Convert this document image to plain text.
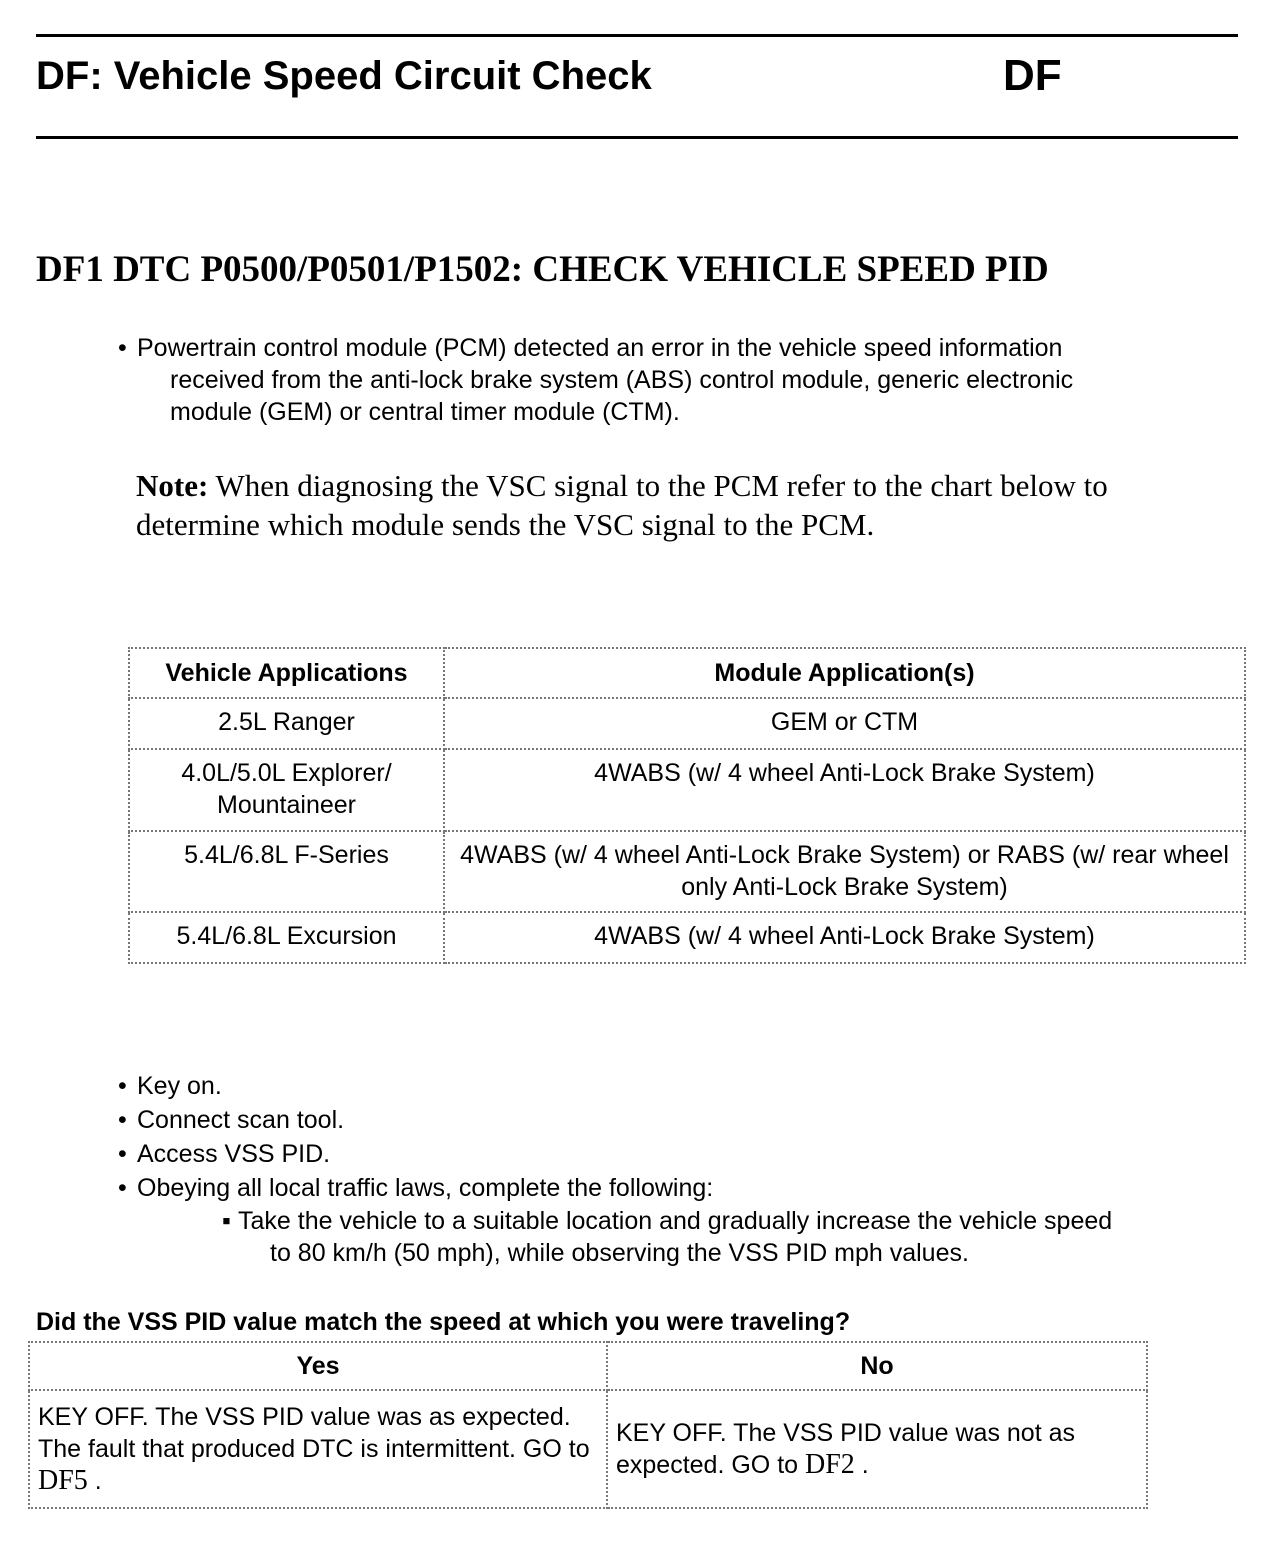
DF: Vehicle Speed Circuit Check	DF
DF1 DTC P0500/P0501/P1502: CHECK VEHICLE SPEED PID
• Powertrain control module (PCM) detected an error in the vehicle speed information
received from the anti-lock brake system (ABS) control module, generic electronic
module (GEM) or central timer module (CTM).
Note: When diagnosing the VSC signal to the PCM refer to the chart below to determine which module sends the VSC signal to the PCM.
Vehicle Applications	Module Application(s)
2.5L Ranger	GEM or CTM

4.0L/5.0L Explorer/ Mountaineer	4WABS (w/ 4 wheel Anti-Lock Brake System)
5.4L/6.8L F-Series	4WABS (w/ 4 wheel Anti-Lock Brake System) or RABS (w/ rear wheel only Anti-Lock Brake System)
5.4L/6.8L Excursion	4WABS (w/ 4 wheel Anti-Lock Brake System)
• Key on.
• Connect scan tool.
• Access VSS PID.
• Obeying all local traffic laws, complete the following:
▪ Take the vehicle to a suitable location and gradually increase the vehicle speed
to 80 km/h (50 mph), while observing the VSS PID mph values.
Did the VSS PID value match the speed at which you were traveling?
Yes	No
KEY OFF. The VSS PID value was as expected. The fault that produced DTC is intermittent. GO to DF5 .	KEY OFF. The VSS PID value was not as expected. GO to DF2 .
